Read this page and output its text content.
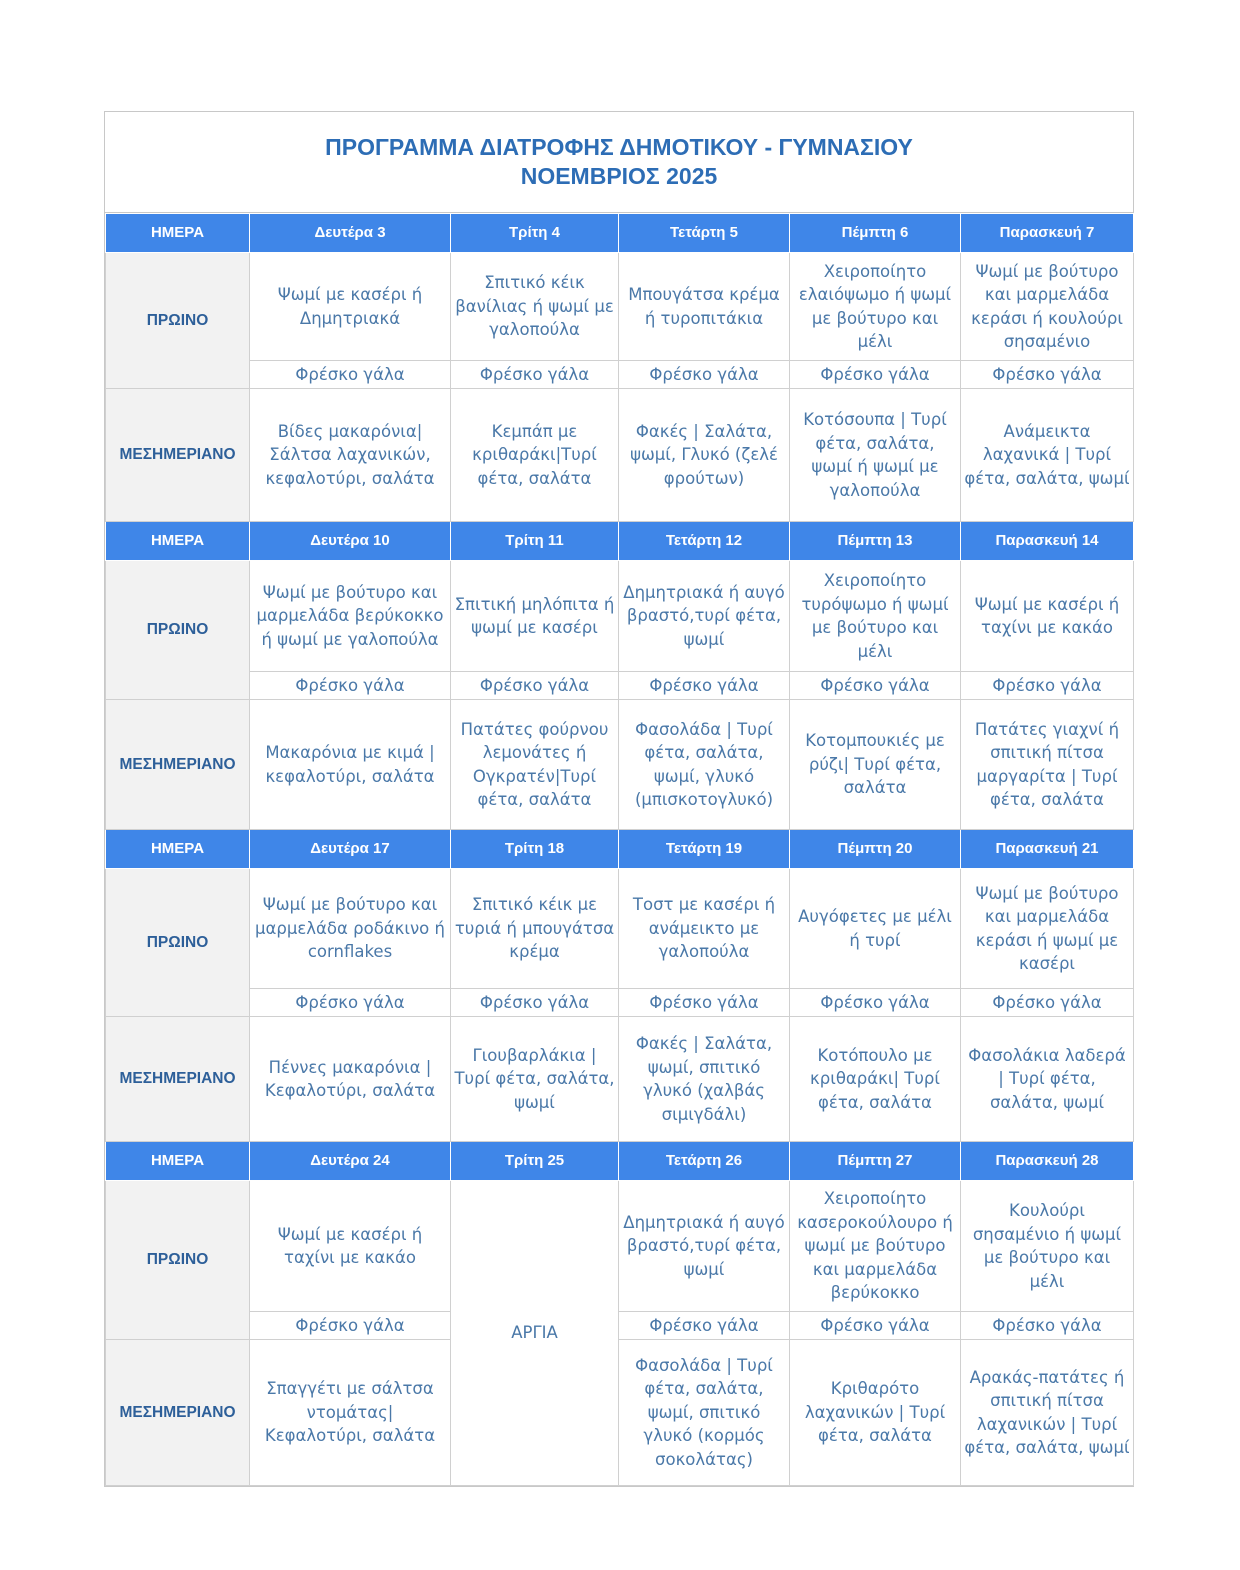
ΠΡΟΓΡΑΜΜΑ ΔΙΑΤΡΟΦΗΣ ΔΗΜΟΤΙΚΟΥ - ΓΥΜΝΑΣΙΟΥ
ΝΟΕΜΒΡΙΟΣ 2025
ΗΜΕΡΑ	Δευτέρα 3	Τρίτη 4	Τετάρτη 5	Πέμπτη 6	Παρασκευή 7
ΠΡΩΙΝΟ	Ψωμί με κασέρι ή Δημητριακά	Σπιτικό κέικ βανίλιας ή ψωμί με γαλοπούλα	Μπουγάτσα κρέμα ή τυροπιτάκια	Χειροποίητο ελαιόψωμο ή ψωμί με βούτυρο και μέλι	Ψωμί με βούτυρο και μαρμελάδα κεράσι ή κουλούρι σησαμένιο
	Φρέσκο γάλα	Φρέσκο γάλα	Φρέσκο γάλα	Φρέσκο γάλα	Φρέσκο γάλα
ΜΕΣΗΜΕΡΙΑΝΟ	Βίδες μακαρόνια| Σάλτσα λαχανικών, κεφαλοτύρι, σαλάτα	Κεμπάπ με κριθαράκι|Τυρί φέτα, σαλάτα	Φακές | Σαλάτα, ψωμί, Γλυκό (ζελέ φρούτων)	Κοτόσουπα | Τυρί φέτα, σαλάτα, ψωμί ή ψωμί με γαλοπούλα	Ανάμεικτα λαχανικά | Τυρί φέτα, σαλάτα, ψωμί
ΗΜΕΡΑ	Δευτέρα 10	Τρίτη 11	Τετάρτη 12	Πέμπτη 13	Παρασκευή 14
ΠΡΩΙΝΟ	Ψωμί με βούτυρο και μαρμελάδα βερύκοκκο ή ψωμί με γαλοπούλα	Σπιτική μηλόπιτα ή ψωμί με κασέρι	Δημητριακά ή αυγό βραστό,τυρί φέτα, ψωμί	Χειροποίητο τυρόψωμο ή ψωμί με βούτυρο και μέλι	Ψωμί με κασέρι ή ταχίνι με κακάο
	Φρέσκο γάλα	Φρέσκο γάλα	Φρέσκο γάλα	Φρέσκο γάλα	Φρέσκο γάλα
ΜΕΣΗΜΕΡΙΑΝΟ	Μακαρόνια με κιμά |κεφαλοτύρι, σαλάτα	Πατάτες φούρνου λεμονάτες ή Ογκρατέν|Τυρί φέτα, σαλάτα	Φασολάδα | Τυρί φέτα, σαλάτα, ψωμί, γλυκό (μπισκοτογλυκό)	Κοτομπουκιές με ρύζι| Τυρί φέτα, σαλάτα	Πατάτες γιαχνί ή σπιτική πίτσα μαργαρίτα | Τυρί φέτα, σαλάτα
ΗΜΕΡΑ	Δευτέρα 17	Τρίτη 18	Τετάρτη 19	Πέμπτη 20	Παρασκευή 21
ΠΡΩΙΝΟ	Ψωμί με βούτυρο και μαρμελάδα ροδάκινο ή cornflakes	Σπιτικό κέικ με τυριά ή μπουγάτσα κρέμα	Τοστ με κασέρι ή ανάμεικτο με γαλοπούλα	Αυγόφετες με μέλι ή τυρί	Ψωμί με βούτυρο και μαρμελάδα κεράσι ή ψωμί με κασέρι
	Φρέσκο γάλα	Φρέσκο γάλα	Φρέσκο γάλα	Φρέσκο γάλα	Φρέσκο γάλα
ΜΕΣΗΜΕΡΙΑΝΟ	Πέννες μακαρόνια | Κεφαλοτύρι, σαλάτα	Γιουβαρλάκια | Τυρί φέτα, σαλάτα, ψωμί	Φακές | Σαλάτα, ψωμί, σπιτικό γλυκό (χαλβάς σιμιγδάλι)	Κοτόπουλο με κριθαράκι| Τυρί φέτα, σαλάτα	Φασολάκια λαδερά | Τυρί φέτα, σαλάτα, ψωμί
ΗΜΕΡΑ	Δευτέρα 24	Τρίτη 25	Τετάρτη 26	Πέμπτη 27	Παρασκευή 28
ΠΡΩΙΝΟ	Ψωμί με κασέρι ή ταχίνι με κακάο	ΑΡΓΙΑ	Δημητριακά ή αυγό βραστό,τυρί φέτα, ψωμί	Χειροποίητο κασεροκούλουρο ή ψωμί με βούτυρο και μαρμελάδα βερύκοκκο	Κουλούρι σησαμένιο ή ψωμί με βούτυρο και μέλι
	Φρέσκο γάλα		Φρέσκο γάλα	Φρέσκο γάλα	Φρέσκο γάλα
ΜΕΣΗΜΕΡΙΑΝΟ	Σπαγγέτι με σάλτσα ντομάτας| Κεφαλοτύρι, σαλάτα		Φασολάδα | Τυρί φέτα, σαλάτα, ψωμί, σπιτικό γλυκό (κορμός σοκολάτας)	Κριθαρότο λαχανικών | Τυρί φέτα, σαλάτα	Αρακάς-πατάτες ή σπιτική πίτσα λαχανικών | Τυρί φέτα, σαλάτα, ψωμί
